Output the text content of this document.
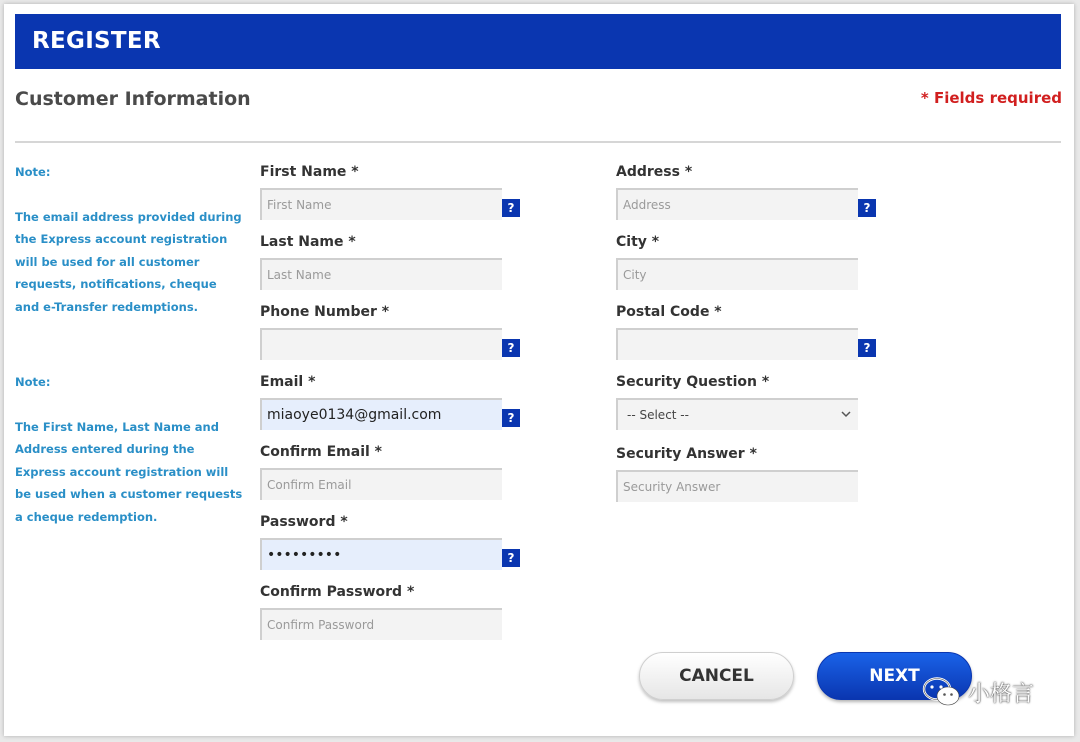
REGISTER
Customer Information	* Fields required
Note:
The email address provided during the Express account registration will be used for all customer requests, notifications, cheque and e-Transfer redemptions.
Note:
The First Name, Last Name and Address entered during the Express account registration will be used when a customer requests a cheque redemption.
First Name *
First Name
?
Last Name *
Last Name
Phone Number *
?
Email *
miaoye0134@gmail.com
?
Confirm Email *
Confirm Email
Password *
•••••••••
?
Confirm Password *
Confirm Password
Address *
Address
?
City *
City
Postal Code *
?
Security Question *
-- Select --
Security Answer *
Security Answer
CANCEL	NEXT
小格言
